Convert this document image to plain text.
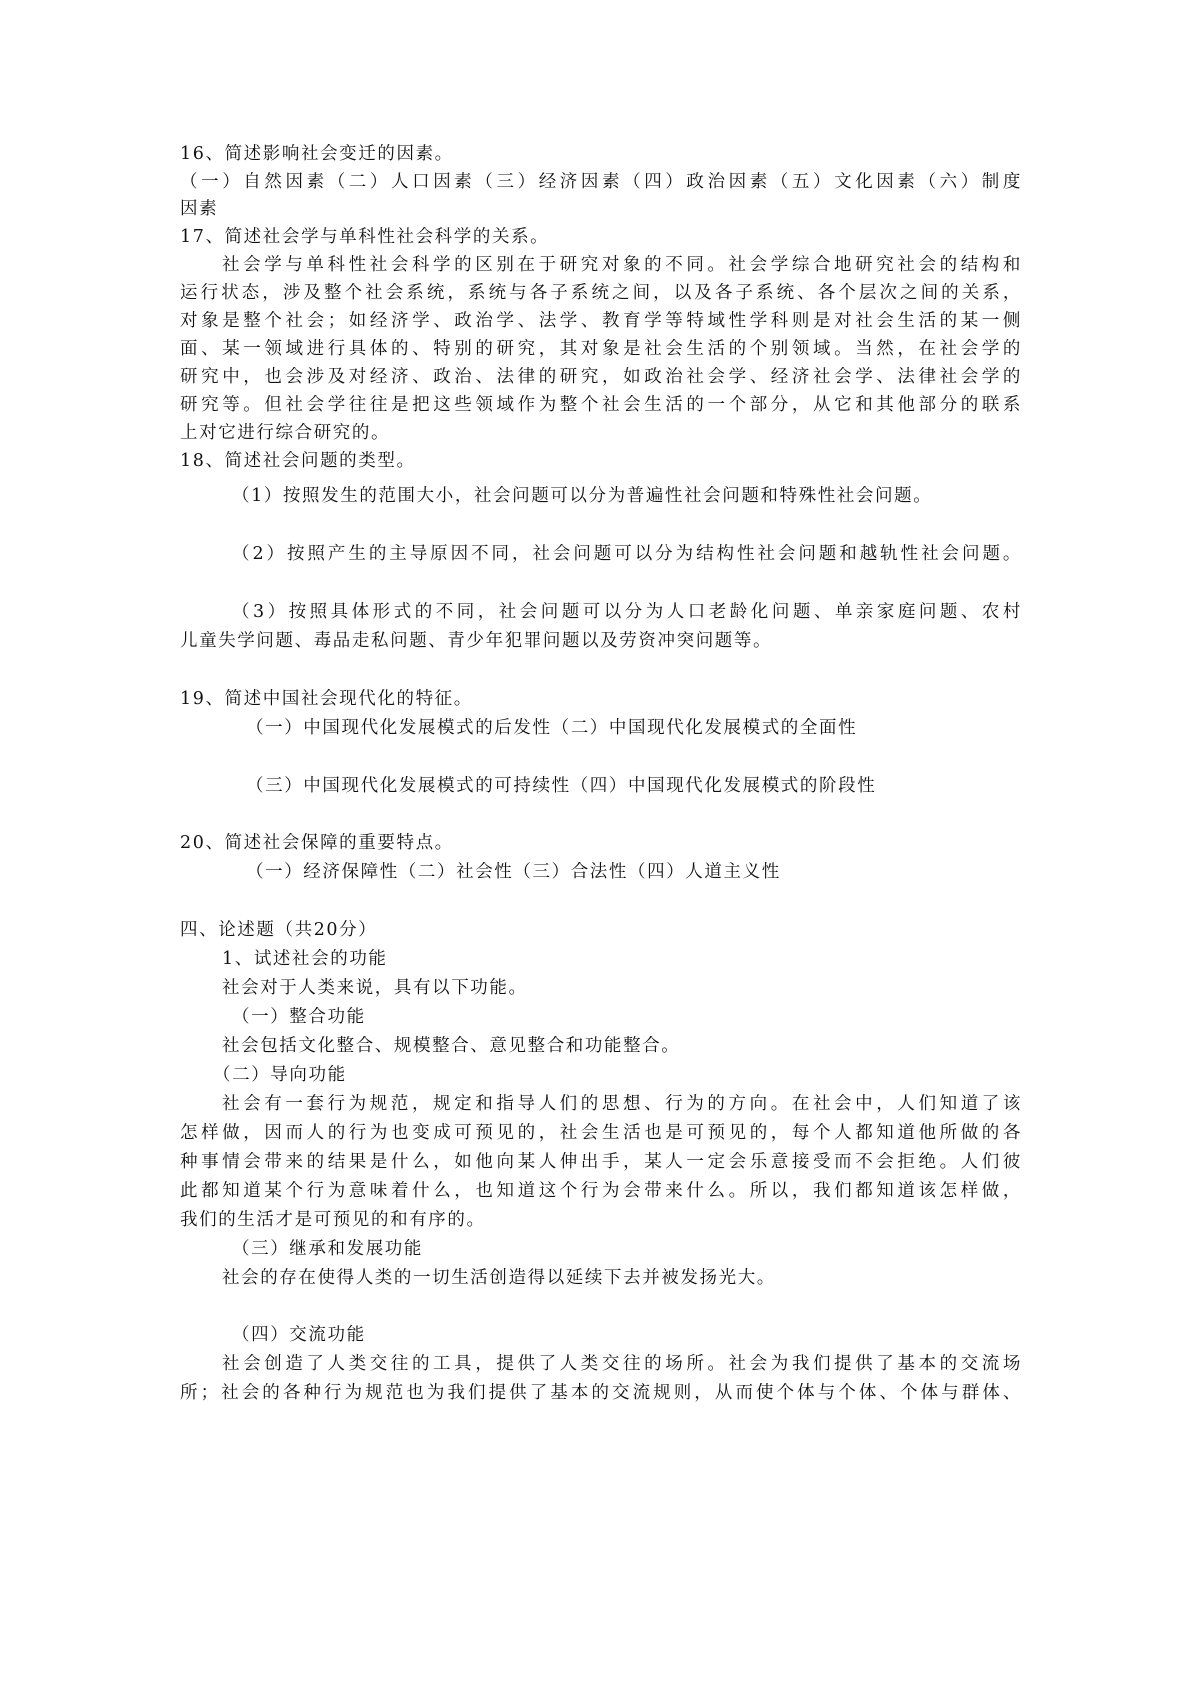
16、简述影响社会变迁的因素。

（一）自然因素（二）人口因素（三）经济因素（四）政治因素（五）文化因素（六）制度

因素

17、简述社会学与单科性社会科学的关系。

社会学与单科性社会科学的区别在于研究对象的不同。社会学综合地研究社会的结构和

运行状态，涉及整个社会系统，系统与各子系统之间，以及各子系统、各个层次之间的关系，

对象是整个社会；如经济学、政治学、法学、教育学等特域性学科则是对社会生活的某一侧

面、某一领域进行具体的、特别的研究，其对象是社会生活的个别领域。当然，在社会学的

研究中，也会涉及对经济、政治、法律的研究，如政治社会学、经济社会学、法律社会学的

研究等。但社会学往往是把这些领域作为整个社会生活的一个部分，从它和其他部分的联系

上对它进行综合研究的。

18、简述社会问题的类型。

（1）按照发生的范围大小，社会问题可以分为普遍性社会问题和特殊性社会问题。

（2）按照产生的主导原因不同，社会问题可以分为结构性社会问题和越轨性社会问题。

（3）按照具体形式的不同，社会问题可以分为人口老龄化问题、单亲家庭问题、农村

儿童失学问题、毒品走私问题、青少年犯罪问题以及劳资冲突问题等。

19、简述中国社会现代化的特征。

（一）中国现代化发展模式的后发性（二）中国现代化发展模式的全面性

（三）中国现代化发展模式的可持续性（四）中国现代化发展模式的阶段性

20、简述社会保障的重要特点。

（一）经济保障性（二）社会性（三）合法性（四）人道主义性

四、论述题（共20分）

1、试述社会的功能

社会对于人类来说，具有以下功能。

（一）整合功能

社会包括文化整合、规模整合、意见整合和功能整合。

（二）导向功能

社会有一套行为规范，规定和指导人们的思想、行为的方向。在社会中，人们知道了该

怎样做，因而人的行为也变成可预见的，社会生活也是可预见的，每个人都知道他所做的各

种事情会带来的结果是什么，如他向某人伸出手，某人一定会乐意接受而不会拒绝。人们彼

此都知道某个行为意味着什么，也知道这个行为会带来什么。所以，我们都知道该怎样做，

我们的生活才是可预见的和有序的。

（三）继承和发展功能

社会的存在使得人类的一切生活创造得以延续下去并被发扬光大。

（四）交流功能

社会创造了人类交往的工具，提供了人类交往的场所。社会为我们提供了基本的交流场

所；社会的各种行为规范也为我们提供了基本的交流规则，从而使个体与个体、个体与群体、
